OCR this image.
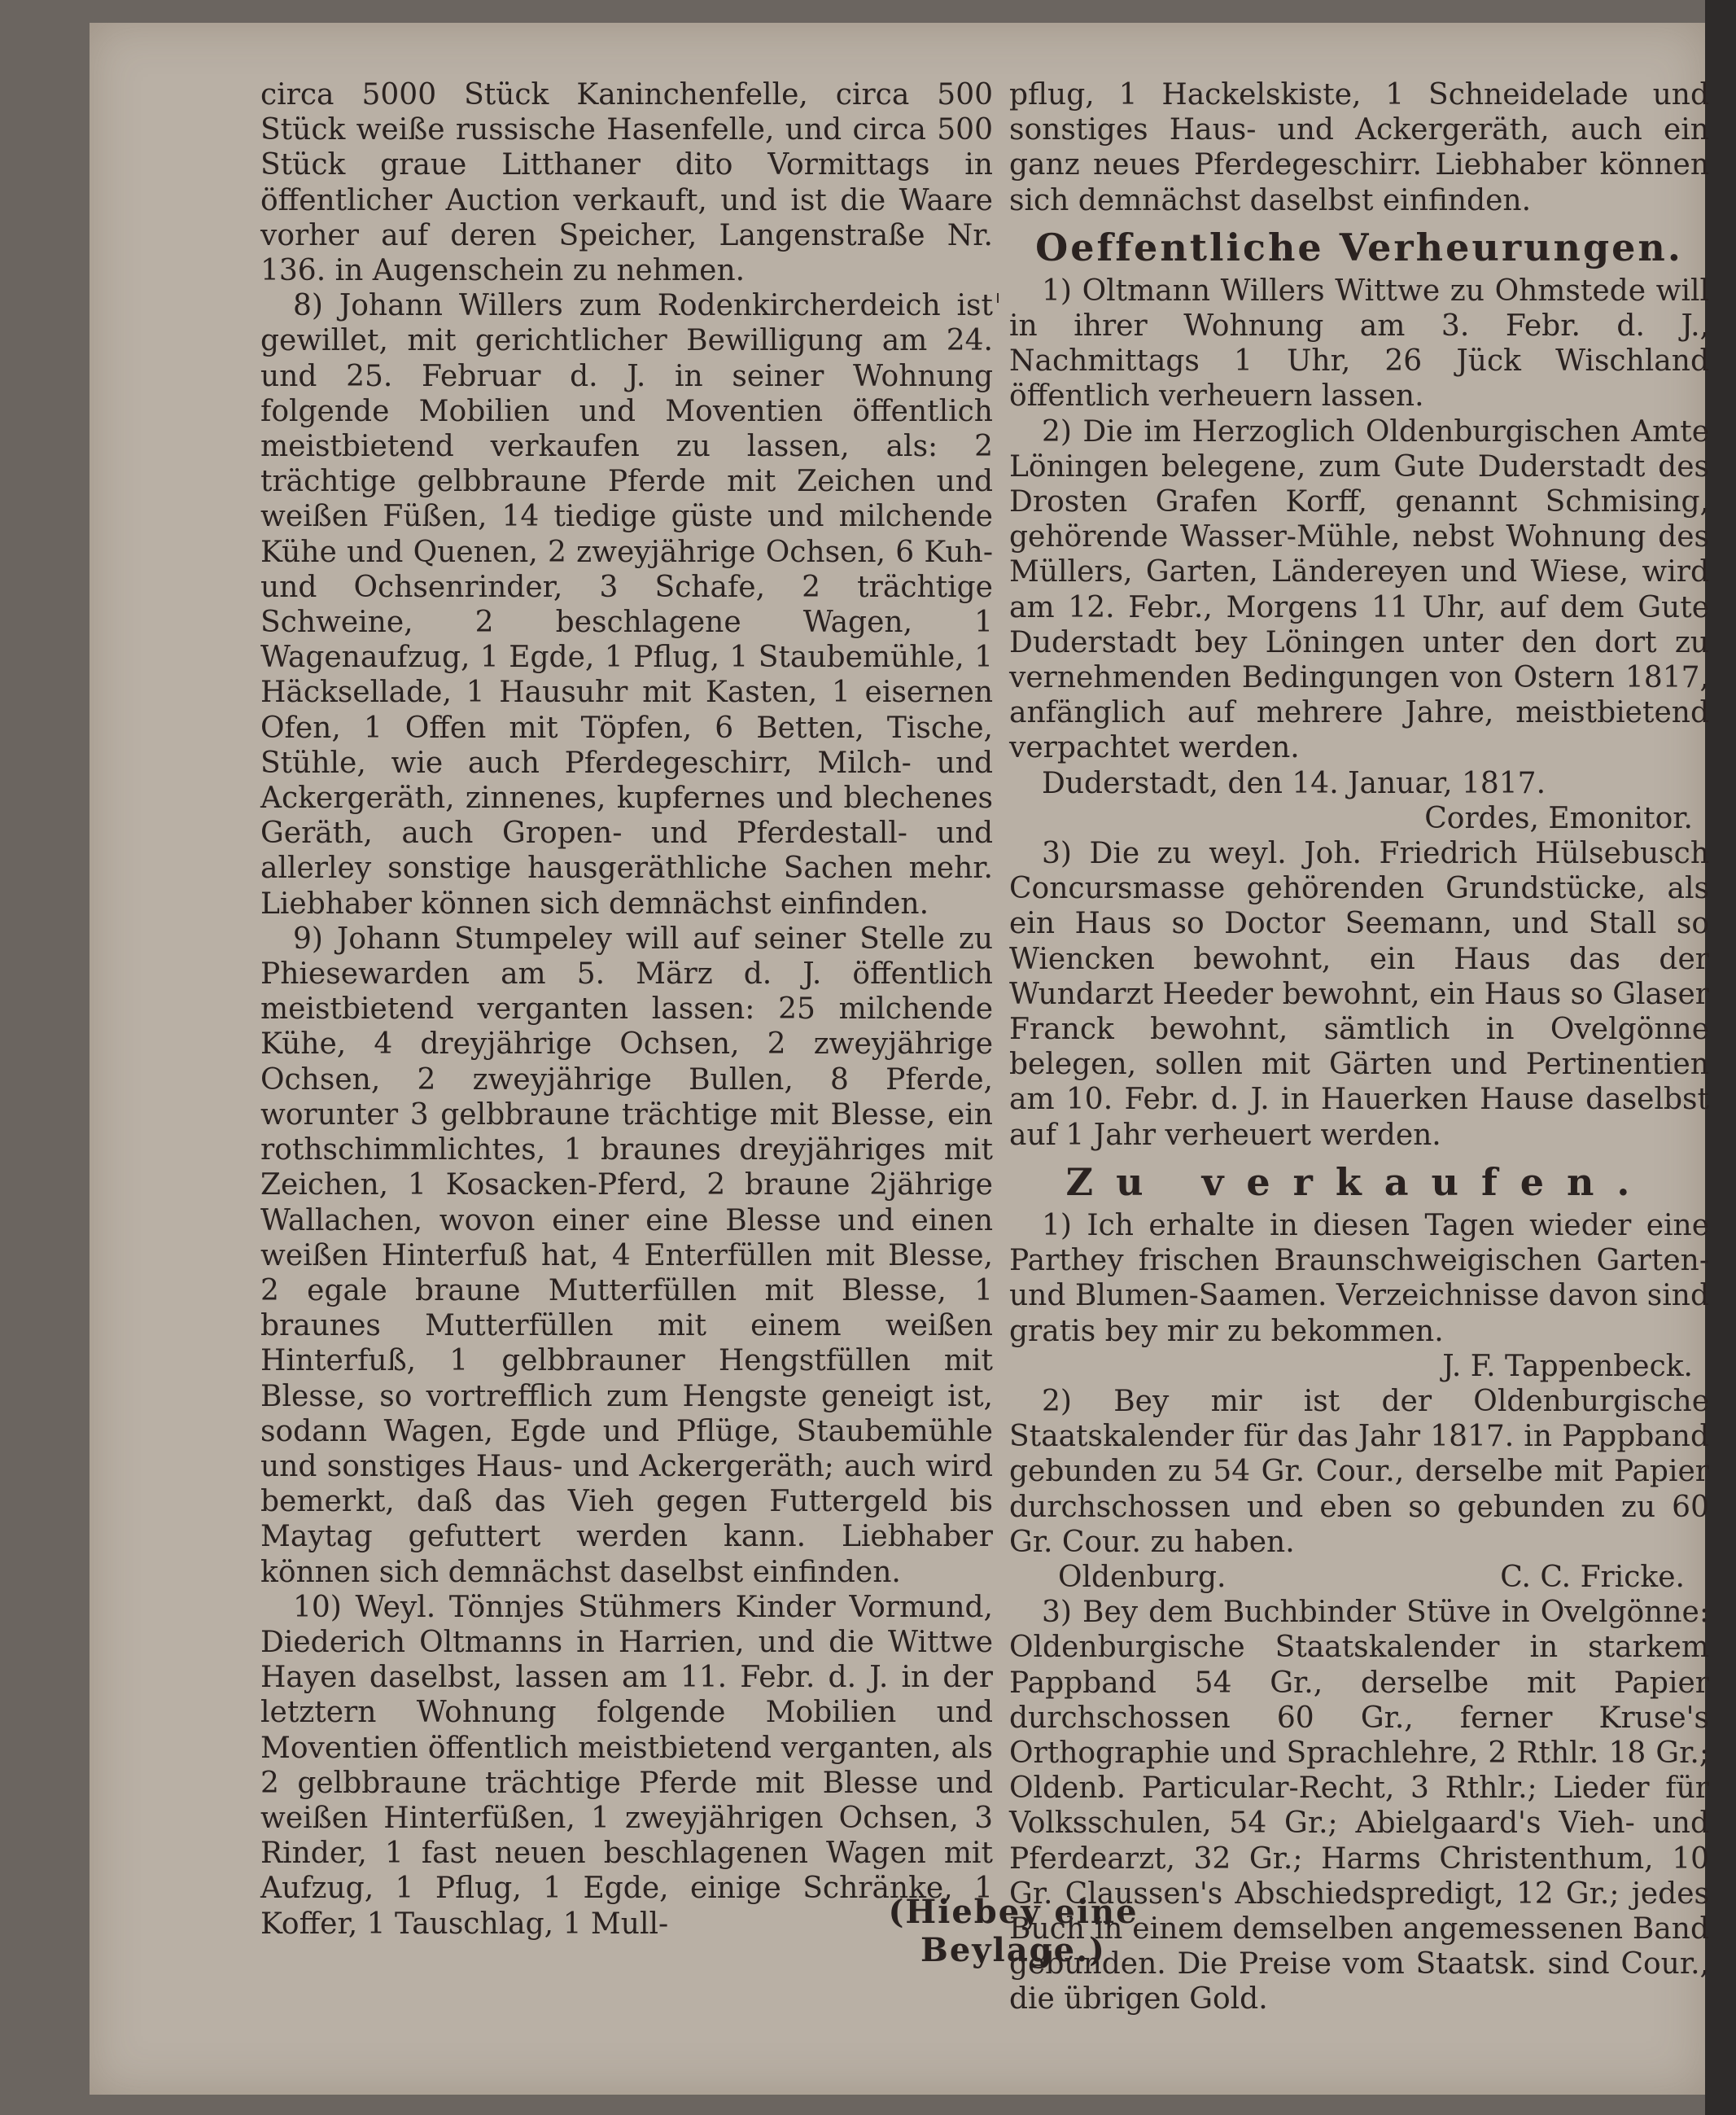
circa 5000 Stück Kaninchenfelle, circa 500 Stück weiße russische Hasenfelle, und circa 500 Stück graue Litthaner dito Vormittags in öffentlicher Auction verkauft, und ist die Waare vorher auf deren Speicher, Langenstraße Nr. 136. in Augenschein zu nehmen.

8) Johann Willers zum Rodenkircherdeich ist gewillet, mit gerichtlicher Bewilligung am 24. und 25. Februar d. J. in seiner Wohnung folgende Mobilien und Moventien öffentlich meistbietend verkaufen zu lassen, als: 2 trächtige gelbbraune Pferde mit Zeichen und weißen Füßen, 14 tiedige güste und milchende Kühe und Quenen, 2 zweyjährige Ochsen, 6 Kuh- und Ochsenrinder, 3 Schafe, 2 trächtige Schweine, 2 beschlagene Wagen, 1 Wagenaufzug, 1 Egde, 1 Pflug, 1 Staubemühle, 1 Häcksellade, 1 Hausuhr mit Kasten, 1 eisernen Ofen, 1 Offen mit Töpfen, 6 Betten, Tische, Stühle, wie auch Pferdegeschirr, Milch- und Ackergeräth, zinnenes, kupfernes und blechenes Geräth, auch Gropen- und Pferdestall- und allerley sonstige hausgeräthliche Sachen mehr. Liebhaber können sich demnächst einfinden.

9) Johann Stumpeley will auf seiner Stelle zu Phiesewarden am 5. März d. J. öffentlich meistbietend verganten lassen: 25 milchende Kühe, 4 dreyjährige Ochsen, 2 zweyjährige Ochsen, 2 zweyjährige Bullen, 8 Pferde, worunter 3 gelbbraune trächtige mit Blesse, ein rothschimmlichtes, 1 braunes dreyjähriges mit Zeichen, 1 Kosacken-Pferd, 2 braune 2jährige Wallachen, wovon einer eine Blesse und einen weißen Hinterfuß hat, 4 Enterfüllen mit Blesse, 2 egale braune Mutterfüllen mit Blesse, 1 braunes Mutterfüllen mit einem weißen Hinterfuß, 1 gelbbrauner Hengstfüllen mit Blesse, so vortrefflich zum Hengste geneigt ist, sodann Wagen, Egde und Pflüge, Staubemühle und sonstiges Haus- und Ackergeräth; auch wird bemerkt, daß das Vieh gegen Futtergeld bis Maytag gefuttert werden kann. Liebhaber können sich demnächst daselbst einfinden.

10) Weyl. Tönnjes Stühmers Kinder Vormund, Diederich Oltmanns in Harrien, und die Wittwe Hayen daselbst, lassen am 11. Febr. d. J. in der letztern Wohnung folgende Mobilien und Moventien öffentlich meistbietend verganten, als 2 gelbbraune trächtige Pferde mit Blesse und weißen Hinterfüßen, 1 zweyjährigen Ochsen, 3 Rinder, 1 fast neuen beschlagenen Wagen mit Aufzug, 1 Pflug, 1 Egde, einige Schränke, 1 Koffer, 1 Tauschlag, 1 Mull-

pflug, 1 Hackelskiste, 1 Schneidelade und sonstiges Haus- und Ackergeräth, auch ein ganz neues Pferdegeschirr. Liebhaber können sich demnächst daselbst einfinden.

Oeffentliche Verheurungen.

1) Oltmann Willers Wittwe zu Ohmstede will in ihrer Wohnung am 3. Febr. d. J., Nachmittags 1 Uhr, 26 Jück Wischland öffentlich verheuern lassen.

2) Die im Herzoglich Oldenburgischen Amte Löningen belegene, zum Gute Duderstadt des Drosten Grafen Korff, genannt Schmising, gehörende Wasser-Mühle, nebst Wohnung des Müllers, Garten, Ländereyen und Wiese, wird am 12. Febr., Morgens 11 Uhr, auf dem Gute Duderstadt bey Löningen unter den dort zu vernehmenden Bedingungen von Ostern 1817, anfänglich auf mehrere Jahre, meistbietend verpachtet werden.

Duderstadt, den 14. Januar, 1817.

Cordes, Emonitor.

3) Die zu weyl. Joh. Friedrich Hülsebusch Concursmasse gehörenden Grundstücke, als ein Haus so Doctor Seemann, und Stall so Wiencken bewohnt, ein Haus das der Wundarzt Heeder bewohnt, ein Haus so Glaser Franck bewohnt, sämtlich in Ovelgönne belegen, sollen mit Gärten und Pertinentien am 10. Febr. d. J. in Hauerken Hause daselbst auf 1 Jahr verheuert werden.

Zu verkaufen.

1) Ich erhalte in diesen Tagen wieder eine Parthey frischen Braunschweigischen Garten- und Blumen-Saamen. Verzeichnisse davon sind gratis bey mir zu bekommen.

J. F. Tappenbeck.

2) Bey mir ist der Oldenburgische Staatskalender für das Jahr 1817. in Pappband gebunden zu 54 Gr. Cour., derselbe mit Papier durchschossen und eben so gebunden zu 60 Gr. Cour. zu haben.

Oldenburg.	C. C. Fricke.

3) Bey dem Buchbinder Stüve in Ovelgönne: Oldenburgische Staatskalender in starkem Pappband 54 Gr., derselbe mit Papier durchschossen 60 Gr., ferner Kruse's Orthographie und Sprachlehre, 2 Rthlr. 18 Gr.; Oldenb. Particular-Recht, 3 Rthlr.; Lieder für Volksschulen, 54 Gr.; Abielgaard's Vieh- und Pferdearzt, 32 Gr.; Harms Christenthum, 10 Gr. Claussen's Abschiedspredigt, 12 Gr.; jedes Buch in einem demselben angemessenen Band gebunden. Die Preise vom Staatsk. sind Cour., die übrigen Gold.

(Hiebey eine Beylage.)
